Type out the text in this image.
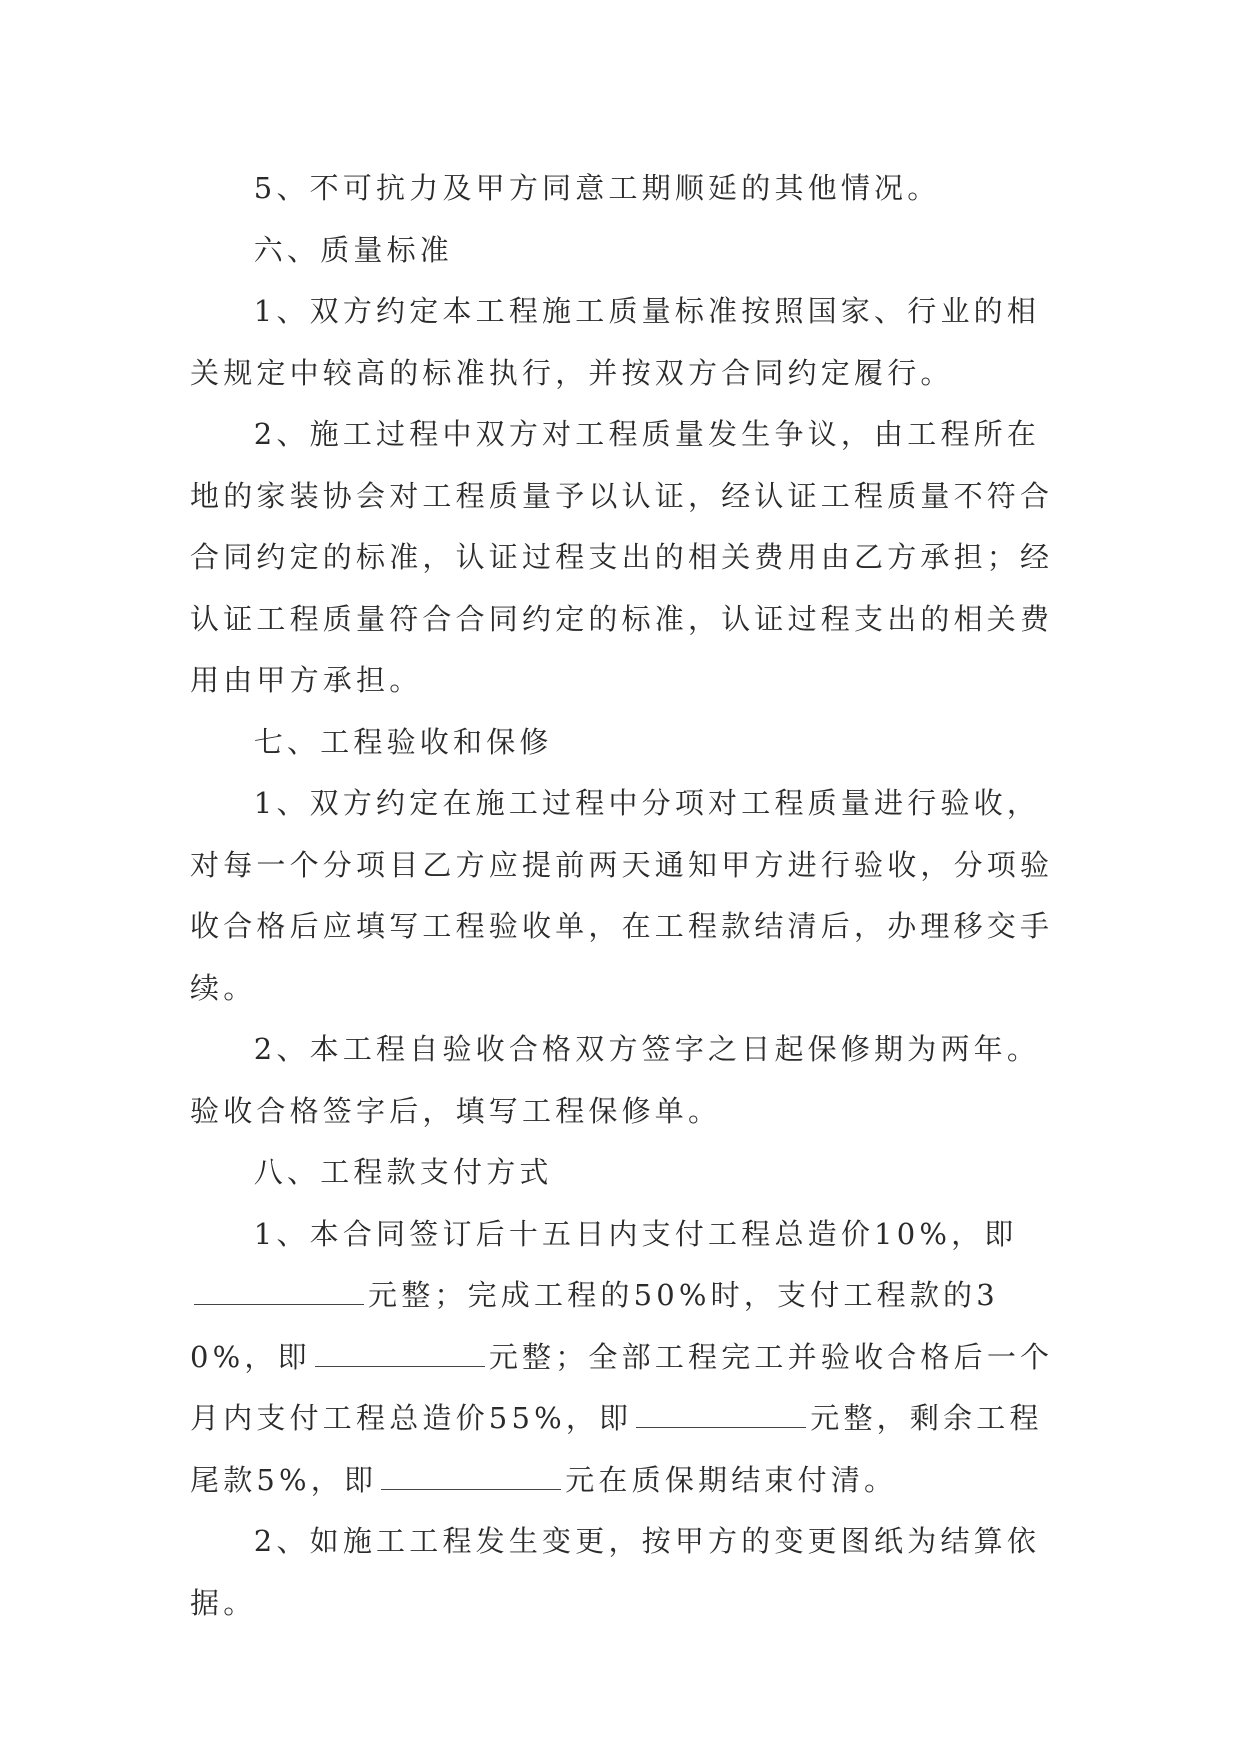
5、不可抗力及甲方同意工期顺延的其他情况。

六、质量标准

1、双方约定本工程施工质量标准按照国家、行业的相关规定中较高的标准执行，并按双方合同约定履行。

2、施工过程中双方对工程质量发生争议，由工程所在地的家装协会对工程质量予以认证，经认证工程质量不符合合同约定的标准，认证过程支出的相关费用由乙方承担；经认证工程质量符合合同约定的标准，认证过程支出的相关费用由甲方承担。

七、工程验收和保修

1、双方约定在施工过程中分项对工程质量进行验收，对每一个分项目乙方应提前两天通知甲方进行验收，分项验收合格后应填写工程验收单，在工程款结清后，办理移交手续。

2、本工程自验收合格双方签字之日起保修期为两年。验收合格签字后，填写工程保修单。

八、工程款支付方式

1、本合同签订后十五日内支付工程总造价10%，即元整；完成工程的50%时，支付工程款的30%，即	元整；全部工程完工并验收合格后一个月内支付工程总造价55%，即	元整，剩余工程尾款5%，即	元在质保期结束付清。

2、如施工工程发生变更，按甲方的变更图纸为结算依据。
